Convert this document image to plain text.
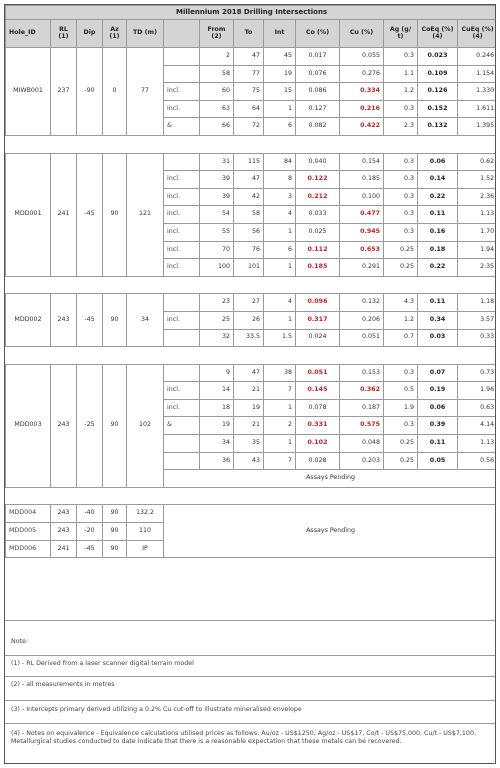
Millennium 2018 Drilling Intersections													
Hole_ID	RL (1)	Dip	Az (1)	TD (m)		From (2)	To	Int	Co (%)	Cu (%)	Ag (g/ t)	CoEq (%) (4)	CuEq (%) (4)
MIWB001	237	-90	0	77		2	47	45	0.017	0.055	0.3	0.023	0.246
						58	77	19	0.076	0.276	1.1	0.109	1.154
					incl.	60	75	15	0.086	0.334	1.2	0.126	1.330
					incl.	63	64	1	0.127	0.216	0.3	0.152	1.611
					&	66	72	6	0.082	0.422	2.3	0.132	1.395

MDD001	241	-45	90	121		31	115	84	0.040	0.154	0.3	0.06	0.62
					incl.	39	47	8	0.122	0.185	0.3	0.14	1.52
					incl.	39	42	3	0.212	0.100	0.3	0.22	2.36
					incl.	54	58	4	0.033	0.477	0.3	0.11	1.13
					incl.	55	56	1	0.025	0.945	0.3	0.16	1.70
					incl.	70	76	6	0.112	0.653	0.25	0.18	1.94
					incl.	100	101	1	0.185	0.291	0.25	0.22	2.35

MDD002	243	-45	90	34		23	27	4	0.096	0.132	4.3	0.11	1.18
					incl.	25	26	1	0.317	0.206	1.2	0.34	3.57
						32	33.5	1.5	0.024	0.051	0.7	0.03	0.33

MDD003	243	-25	90	102		9	47	38	0.051	0.153	0.3	0.07	0.73
					incl.	14	21	7	0.145	0.362	0.5	0.19	1.96
					incl.	18	19	1	0.078	0.187	1.9	0.06	0.63
					&	19	21	2	0.331	0.575	0.3	0.39	4.14
						34	35	1	0.102	0.048	0.25	0.11	1.13
						36	43	7	0.028	0.203	0.25	0.05	0.56
					Assays Pending								

MDD004	243	-40	90	132.2	Assays Pending								
MDD005	243	-20	90	110									
MDD006	241	-45	90	IP									
Note:
(1) - RL Derived from a laser scanner digital terrain model
(2) - all measurements in metres
(3) - Intercepts primary derived utilizing a 0.2% Cu cut-off to illustrate mineralised envelope
(4) - Notes on equivalence - Equivalence calculations utilised prices as follows: Au/oz - US$1250, Ag/oz - US$17, Co/t - US$75,000, Cu/t - US$7,100. Metallurgical studies conducted to date indicate that there is a reasonable expectation that these metals can be recovered.
